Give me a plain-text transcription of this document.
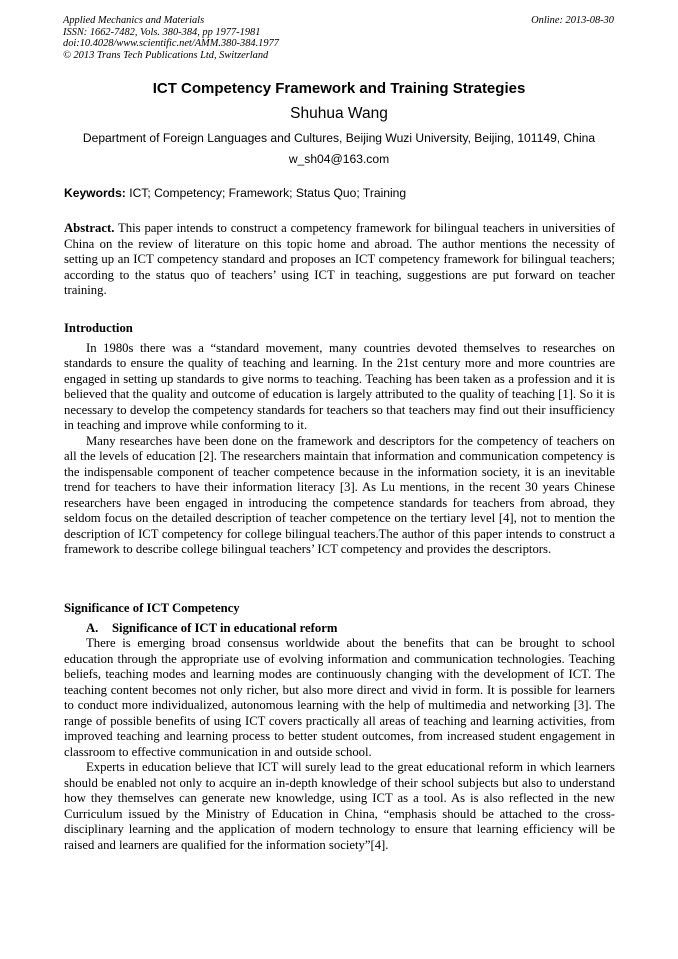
Applied Mechanics and Materials
ISSN: 1662-7482, Vols. 380-384, pp 1977-1981
doi:10.4028/www.scientific.net/AMM.380-384.1977
© 2013 Trans Tech Publications Ltd, Switzerland
Online: 2013-08-30
ICT Competency Framework and Training Strategies
Shuhua Wang
Department of Foreign Languages and Cultures, Beijing Wuzi University, Beijing, 101149, China
w_sh04@163.com
Keywords: ICT; Competency; Framework; Status Quo; Training
Abstract. This paper intends to construct a competency framework for bilingual teachers in universities of China on the review of literature on this topic home and abroad. The author mentions the necessity of setting up an ICT competency standard and proposes an ICT competency framework for bilingual teachers; according to the status quo of teachers’ using ICT in teaching, suggestions are put forward on teacher training.
Introduction

In 1980s there was a “standard movement, many countries devoted themselves to researches on standards to ensure the quality of teaching and learning. In the 21st century more and more countries are engaged in setting up standards to give norms to teaching. Teaching has been taken as a profession and it is believed that the quality and outcome of education is largely attributed to the quality of teaching [1]. So it is necessary to develop the competency standards for teachers so that teachers may find out their insufficiency in teaching and improve while conforming to it.

Many researches have been done on the framework and descriptors for the competency of teachers on all the levels of education [2]. The researchers maintain that information and communication competency is the indispensable component of teacher competence because in the information society, it is an inevitable trend for teachers to have their information literacy [3]. As Lu mentions, in the recent 30 years Chinese researchers have been engaged in introducing the competence standards for teachers from abroad, they seldom focus on the detailed description of teacher competence on the tertiary level [4], not to mention the description of ICT competency for college bilingual teachers.The author of this paper intends to construct a framework to describe college bilingual teachers’ ICT competency and provides the descriptors.

Significance of ICT Competency
A. Significance of ICT in educational reform

There is emerging broad consensus worldwide about the benefits that can be brought to school education through the appropriate use of evolving information and communication technologies. Teaching beliefs, teaching modes and learning modes are continuously changing with the development of ICT. The teaching content becomes not only richer, but also more direct and vivid in form. It is possible for learners to conduct more individualized, autonomous learning with the help of multimedia and networking [3]. The range of possible benefits of using ICT covers practically all areas of teaching and learning activities, from improved teaching and learning process to better student outcomes, from increased student engagement in classroom to effective communication in and outside school.

Experts in education believe that ICT will surely lead to the great educational reform in which learners should be enabled not only to acquire an in-depth knowledge of their school subjects but also to understand how they themselves can generate new knowledge, using ICT as a tool. As is also reflected in the new Curriculum issued by the Ministry of Education in China, “emphasis should be attached to the cross-disciplinary learning and the application of modern technology to ensure that learning efficiency will be raised and learners are qualified for the information society”[4].
